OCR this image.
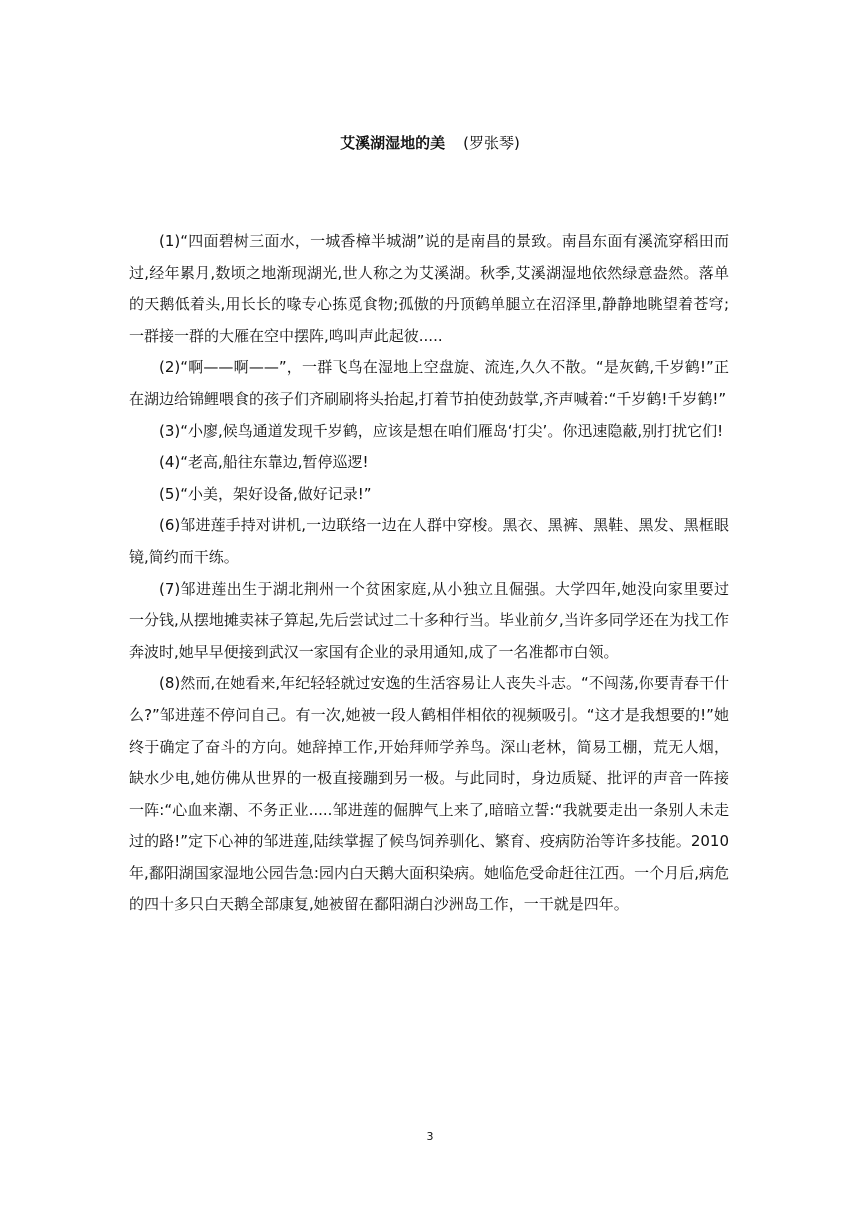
艾溪湖湿地的美 (罗张琴)

(1)“四面碧树三面水，一城香樟半城湖”说的是南昌的景致。南昌东面有溪流穿稻田而过,经年累月,数顷之地渐现湖光,世人称之为艾溪湖。秋季,艾溪湖湿地依然绿意盎然。落单的天鹅低着头,用长长的喙专心拣觅食物;孤傲的丹顶鹤单腿立在沼泽里,静静地眺望着苍穹;一群接一群的大雁在空中摆阵,鸣叫声此起彼.....

(2)“啊——啊——”，一群飞鸟在湿地上空盘旋、流连,久久不散。“是灰鹤,千岁鹤!”正在湖边给锦鲤喂食的孩子们齐刷刷将头抬起,打着节拍使劲鼓掌,齐声喊着:“千岁鹤!千岁鹤!”

(3)“小廖,候鸟通道发现千岁鹤，应该是想在咱们雁岛‘打尖’。你迅速隐蔽,别打扰它们!

(4)“老高,船往东靠边,暂停巡逻!

(5)“小美，架好设备,做好记录!”

(6)邹进莲手持对讲机,一边联络一边在人群中穿梭。黑衣、黑裤、黑鞋、黑发、黑框眼镜,简约而干练。

(7)邹进莲出生于湖北荆州一个贫困家庭,从小独立且倔强。大学四年,她没向家里要过一分钱,从摆地摊卖袜子算起,先后尝试过二十多种行当。毕业前夕,当许多同学还在为找工作奔波时,她早早便接到武汉一家国有企业的录用通知,成了一名准都市白领。

(8)然而,在她看来,年纪轻轻就过安逸的生活容易让人丧失斗志。“不闯荡,你要青春干什么?”邹进莲不停问自己。有一次,她被一段人鹤相伴相依的视频吸引。“这才是我想要的!”她终于确定了奋斗的方向。她辞掉工作,开始拜师学养鸟。深山老林，简易工棚，荒无人烟，缺水少电,她仿佛从世界的一极直接蹦到另一极。与此同时，身边质疑、批评的声音一阵接一阵:“心血来潮、不务正业.....邹进莲的倔脾气上来了,暗暗立誓:“我就要走出一条别人未走过的路!”定下心神的邹进莲,陆续掌握了候鸟饲养驯化、繁育、疫病防治等许多技能。2010年,鄱阳湖国家湿地公园告急:园内白天鹅大面积染病。她临危受命赶往江西。一个月后,病危的四十多只白天鹅全部康复,她被留在鄱阳湖白沙洲岛工作，一干就是四年。

3
